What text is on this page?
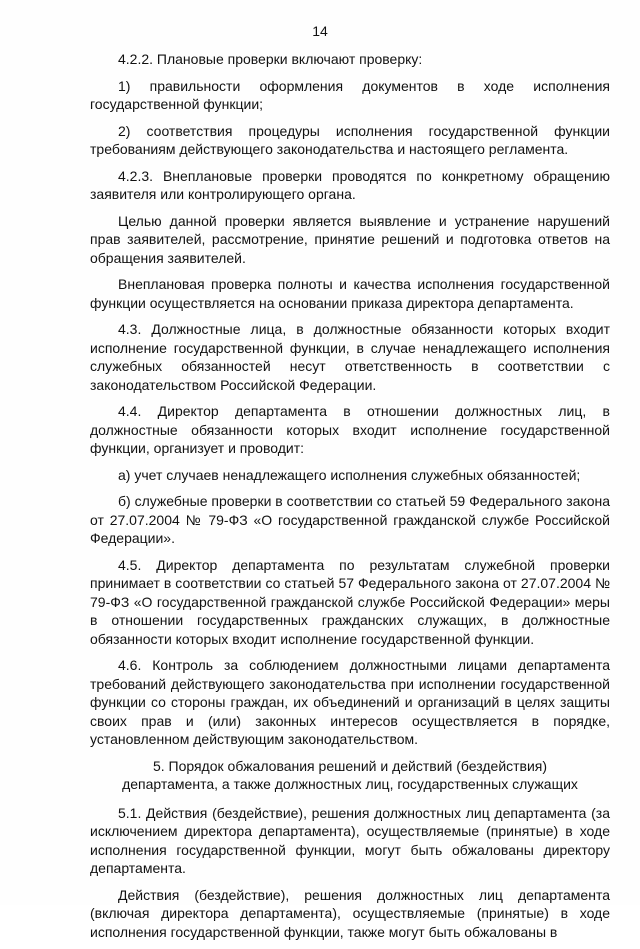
14

4.2.2. Плановые проверки включают проверку:

1) правильности оформления документов в ходе исполнения государственной функции;

2) соответствия процедуры исполнения государственной функции требованиям действующего законодательства и настоящего регламента.

4.2.3. Внеплановые проверки проводятся по конкретному обращению заявителя или контролирующего органа.

Целью данной проверки является выявление и устранение нарушений прав заявителей, рассмотрение, принятие решений и подготовка ответов на обращения заявителей.

Внеплановая проверка полноты и качества исполнения государственной функции осуществляется на основании приказа директора департамента.

4.3. Должностные лица, в должностные обязанности которых входит исполнение государственной функции, в случае ненадлежащего исполнения служебных обязанностей несут ответственность в соответствии с законодательством Российской Федерации.

4.4. Директор департамента в отношении должностных лиц, в должностные обязанности которых входит исполнение государственной функции, организует и проводит:

а) учет случаев ненадлежащего исполнения служебных обязанностей;

б) служебные проверки в соответствии со статьей 59 Федерального закона от 27.07.2004 № 79-ФЗ «О государственной гражданской службе Российской Федерации».

4.5. Директор департамента по результатам служебной проверки принимает в соответствии со статьей 57 Федерального закона от 27.07.2004 № 79-ФЗ «О государственной гражданской службе Российской Федерации» меры в отношении государственных гражданских служащих, в должностные обязанности которых входит исполнение государственной функции.

4.6. Контроль за соблюдением должностными лицами департамента требований действующего законодательства при исполнении государственной функции со стороны граждан, их объединений и организаций в целях защиты своих прав и (или) законных интересов осуществляется в порядке, установленном действующим законодательством.

5. Порядок обжалования решений и действий (бездействия)
департамента, а также должностных лиц, государственных служащих

5.1. Действия (бездействие), решения должностных лиц департамента (за исключением директора департамента), осуществляемые (принятые) в ходе исполнения государственной функции, могут быть обжалованы директору департамента.

Действия (бездействие), решения должностных лиц департамента (включая директора департамента), осуществляемые (принятые) в ходе исполнения государственной функции, также могут быть обжалованы в
